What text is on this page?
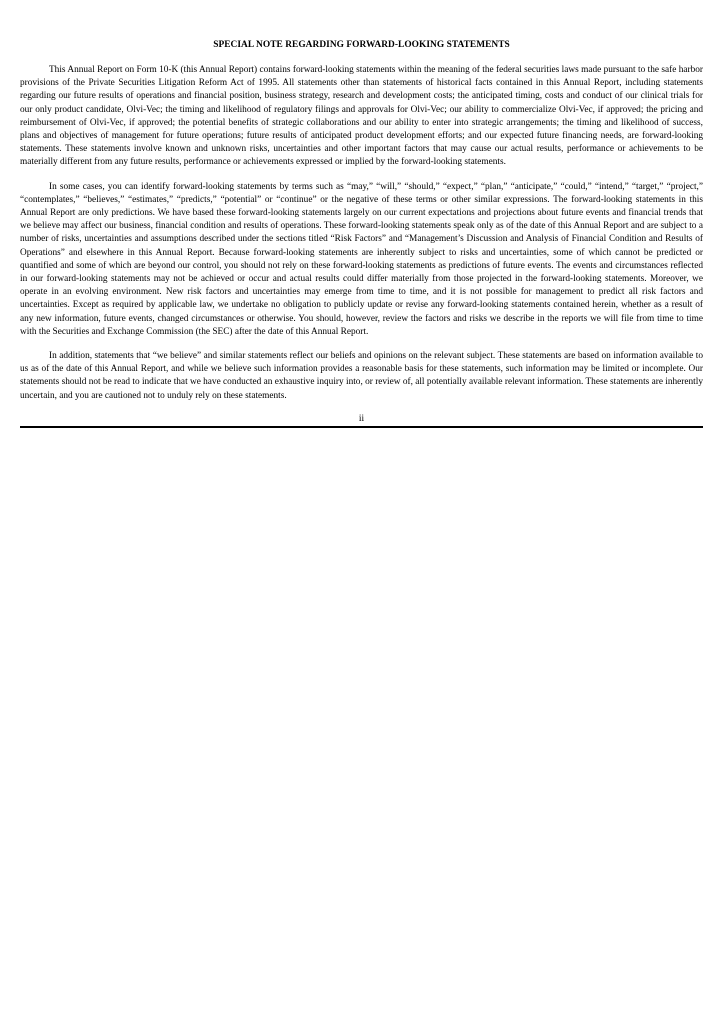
SPECIAL NOTE REGARDING FORWARD-LOOKING STATEMENTS

This Annual Report on Form 10-K (this Annual Report) contains forward-looking statements within the meaning of the federal securities laws made pursuant to the safe harbor provisions of the Private Securities Litigation Reform Act of 1995. All statements other than statements of historical facts contained in this Annual Report, including statements regarding our future results of operations and financial position, business strategy, research and development costs; the anticipated timing, costs and conduct of our clinical trials for our only product candidate, Olvi-Vec; the timing and likelihood of regulatory filings and approvals for Olvi-Vec; our ability to commercialize Olvi-Vec, if approved; the pricing and reimbursement of Olvi-Vec, if approved; the potential benefits of strategic collaborations and our ability to enter into strategic arrangements; the timing and likelihood of success, plans and objectives of management for future operations; future results of anticipated product development efforts; and our expected future financing needs, are forward-looking statements. These statements involve known and unknown risks, uncertainties and other important factors that may cause our actual results, performance or achievements to be materially different from any future results, performance or achievements expressed or implied by the forward-looking statements.

In some cases, you can identify forward-looking statements by terms such as “may,” “will,” “should,” “expect,” “plan,” “anticipate,” “could,” “intend,” “target,” “project,” “contemplates,” “believes,” “estimates,” “predicts,” “potential” or “continue” or the negative of these terms or other similar expressions. The forward-looking statements in this Annual Report are only predictions. We have based these forward-looking statements largely on our current expectations and projections about future events and financial trends that we believe may affect our business, financial condition and results of operations. These forward-looking statements speak only as of the date of this Annual Report and are subject to a number of risks, uncertainties and assumptions described under the sections titled “Risk Factors” and “Management’s Discussion and Analysis of Financial Condition and Results of Operations” and elsewhere in this Annual Report. Because forward-looking statements are inherently subject to risks and uncertainties, some of which cannot be predicted or quantified and some of which are beyond our control, you should not rely on these forward-looking statements as predictions of future events. The events and circumstances reflected in our forward-looking statements may not be achieved or occur and actual results could differ materially from those projected in the forward-looking statements. Moreover, we operate in an evolving environment. New risk factors and uncertainties may emerge from time to time, and it is not possible for management to predict all risk factors and uncertainties. Except as required by applicable law, we undertake no obligation to publicly update or revise any forward-looking statements contained herein, whether as a result of any new information, future events, changed circumstances or otherwise. You should, however, review the factors and risks we describe in the reports we will file from time to time with the Securities and Exchange Commission (the SEC) after the date of this Annual Report.

In addition, statements that “we believe” and similar statements reflect our beliefs and opinions on the relevant subject. These statements are based on information available to us as of the date of this Annual Report, and while we believe such information provides a reasonable basis for these statements, such information may be limited or incomplete. Our statements should not be read to indicate that we have conducted an exhaustive inquiry into, or review of, all potentially available relevant information. These statements are inherently uncertain, and you are cautioned not to unduly rely on these statements.

ii
